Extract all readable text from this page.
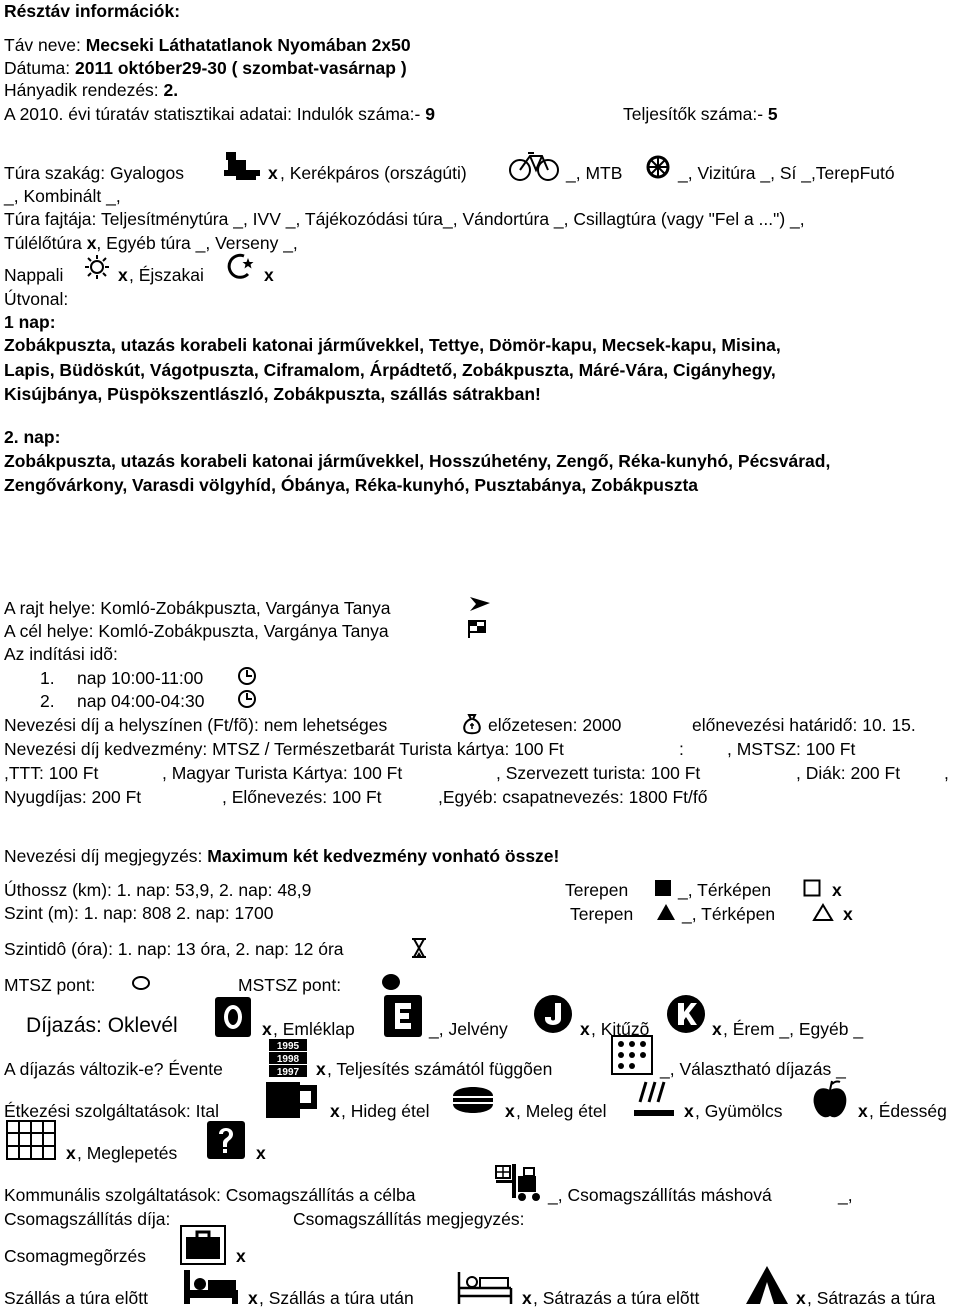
Résztáv információk:
Táv neve: Mecseki Láthatatlanok Nyomában 2x50
Dátuma: 2011 október29-30 ( szombat-vasárnap )
Hányadik rendezés: 2.
A 2010. évi túratáv statisztikai adatai: Indulók száma:- 9	Teljesítők száma:- 5
Túra szakág: Gyalogos	x , Kerékpáros (országúti)	_, MTB	_, Vizitúra _, Sí _,TerepFutó
_, Kombinált _,
Túra fajtája: Teljesítménytúra _, IVV _, Tájékozódási túra_, Vándortúra _, Csillagtúra (vagy "Fel a ...") _,
Túlélőtúra x, Egyéb túra _, Verseny _,
Nappali	x , Éjszakai	x
Útvonal:
1 nap:
Zobákpuszta, utazás korabeli katonai járművekkel, Tettye, Dömör-kapu, Mecsek-kapu, Misina,
Lapis, Büdöskút, Vágotpuszta, Ciframalom, Árpádtető, Zobákpuszta, Máré-Vára, Cigányhegy,
Kisújbánya, Püspökszentlászló, Zobákpuszta, szállás sátrakban!
2. nap:
Zobákpuszta, utazás korabeli katonai járművekkel, Hosszúhetény, Zengő, Réka-kunyhó, Pécsvárad,
Zengővárkony, Varasdi völgyhíd, Óbánya, Réka-kunyhó, Pusztabánya, Zobákpuszta
A rajt helye: Komló-Zobákpuszta, Vargánya Tanya
A cél helye: Komló-Zobákpuszta, Vargánya Tanya
Az indítási idõ:
1. nap 10:00-11:00
2. nap 04:00-04:30
Nevezési díj a helyszínen (Ft/fõ): nem lehetséges	előzetesen: 2000	előnevezési határidő: 10. 15.
Nevezési díj kedvezmény: MTSZ / Természetbarát Turista kártya: 100 Ft	: , MSTSZ: 100 Ft
,TTT: 100 Ft	, Magyar Turista Kártya: 100 Ft	, Szervezett turista: 100 Ft	, Diák: 200 Ft	,
Nyugdíjas: 200 Ft	, Előnevezés: 100 Ft	,Egyéb: csapatnevezés: 1800 Ft/fő
Nevezési díj megjegyzés: Maximum két kedvezmény vonható össze!
Úthossz (km): 1. nap: 53,9, 2. nap: 48,9	Terepen	_, Térképen	x
Szint (m): 1. nap: 808 2. nap: 1700	Terepen	_, Térképen	x
Szintidô (óra): 1. nap: 13 óra, 2. nap: 12 óra
MTSZ pont:	MSTSZ pont:
Díjazás: Oklevél	x , Emléklap	_, Jelvény	x , Kitűzõ	x , Érem _, Egyéb _
A díjazás változik-e? Évente
1995
1998
1997 x , Teljesítés számától függõen	_, Választható díjazás _
Étkezési szolgáltatások: Ital	x , Hideg étel	x , Meleg étel	x , Gyümölcs	x , Édesség
x , Meglepetés	x
Kommunális szolgáltatások: Csomagszállítás a célba	_, Csomagszállítás máshová	_,
Csomagszállítás díja:	Csomagszállítás megjegyzés:
Csomagmegõrzés	x
Szállás a túra elõtt	x , Szállás a túra után	x , Sátrazás a túra elõtt	x , Sátrazás a túra
